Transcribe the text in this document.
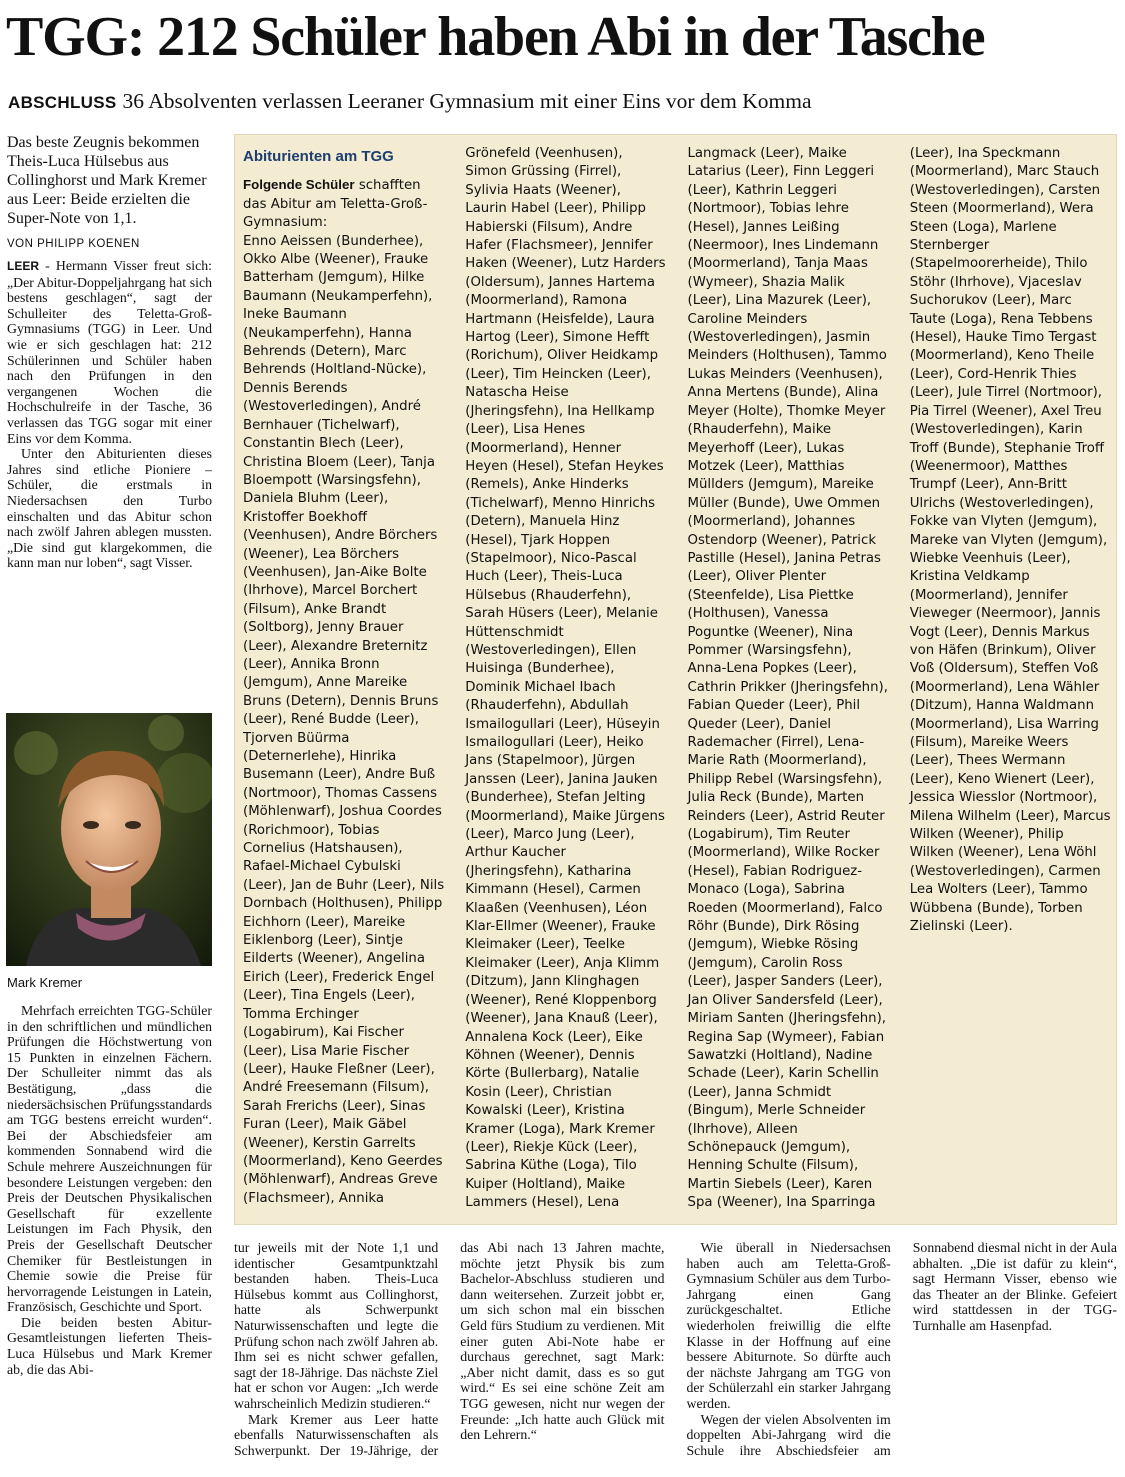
TGG: 212 Schüler haben Abi in der Tasche
ABSCHLUSS 36 Absolventen verlassen Leeraner Gymnasium mit einer Eins vor dem Komma

Das beste Zeugnis bekommen Theis-Luca Hülsebus aus Collinghorst und Mark Kremer aus Leer: Beide erzielten die Super-Note von 1,1.

VON PHILIPP KOENEN

LEER - Hermann Visser freut sich: „Der Abitur-Doppeljahrgang hat sich bestens geschlagen“, sagt der Schulleiter des Teletta-Groß-Gymnasiums (TGG) in Leer. Und wie er sich geschlagen hat: 212 Schülerinnen und Schüler haben nach den Prüfungen in den vergangenen Wochen die Hochschulreife in der Tasche, 36 verlassen das TGG sogar mit einer Eins vor dem Komma.

Unter den Abiturienten dieses Jahres sind etliche Pioniere – Schüler, die erstmals in Niedersachsen den Turbo einschalten und das Abitur schon nach zwölf Jahren ablegen mussten. „Die sind gut klargekommen, die kann man nur loben“, sagt Visser.

Mark Kremer

Mehrfach erreichten TGG-Schüler in den schriftlichen und mündlichen Prüfungen die Höchstwertung von 15 Punkten in einzelnen Fächern. Der Schulleiter nimmt das als Bestätigung, „dass die niedersächsischen Prüfungsstandards am TGG bestens erreicht wurden“. Bei der Abschiedsfeier am kommenden Sonnabend wird die Schule mehrere Auszeichnungen für besondere Leistungen vergeben: den Preis der Deutschen Physikalischen Gesellschaft für exzellente Leistungen im Fach Physik, den Preis der Gesellschaft Deutscher Chemiker für Bestleistungen in Chemie sowie die Preise für hervorragende Leistungen in Latein, Französisch, Geschichte und Sport.

Die beiden besten Abitur-Gesamtleistungen lieferten Theis-Luca Hülsebus und Mark Kremer ab, die das Abi-

Abiturienten am TGG

Folgende Schüler schafften das Abitur am Teletta-Groß-Gymnasium:

Enno Aeissen (Bunderhee), Okko Albe (Weener), Frauke Batterham (Jemgum), Hilke Baumann (Neukamperfehn), Ineke Baumann (Neukamperfehn), Hanna Behrends (Detern), Marc Behrends (Holtland-Nücke), Dennis Berends (Westoverledingen), André Bernhauer (Tichelwarf), Constantin Blech (Leer), Christina Bloem (Leer), Tanja Bloempott (Warsingsfehn), Daniela Bluhm (Leer), Kristoffer Boekhoff (Veenhusen), Andre Börchers (Weener), Lea Börchers (Veenhusen), Jan-Aike Bolte (Ihrhove), Marcel Borchert (Filsum), Anke Brandt (Soltborg), Jenny Brauer (Leer), Alexandre Breternitz (Leer), Annika Bronn (Jemgum), Anne Mareike Bruns (Detern), Dennis Bruns (Leer), René Budde (Leer), Tjorven Büürma (Deternerlehe), Hinrika Busemann (Leer), Andre Buß (Nortmoor), Thomas Cassens (Möhlenwarf), Joshua Coordes (Rorichmoor), Tobias Cornelius (Hatshausen), Rafael-Michael Cybulski (Leer), Jan de Buhr (Leer), Nils Dornbach (Holthusen), Philipp Eichhorn (Leer), Mareike Eiklenborg (Leer), Sintje Eilderts (Weener), Angelina Eirich (Leer), Frederick Engel (Leer), Tina Engels (Leer), Tomma Erchinger (Logabirum), Kai Fischer (Leer), Lisa Marie Fischer (Leer), Hauke Fleßner (Leer), André Freesemann (Filsum), Sarah Frerichs (Leer), Sinas Furan (Leer), Maik Gäbel (Weener), Kerstin Garrelts (Moormerland), Keno Geerdes (Möhlenwarf), Andreas Greve (Flachsmeer), Annika Grönefeld (Veenhusen), Simon Grüssing (Firrel), Sylivia Haats (Weener), Laurin Habel (Leer), Philipp Habierski (Filsum), Andre Hafer (Flachsmeer), Jennifer Haken (Weener), Lutz Harders (Oldersum), Jannes Hartema (Moormerland), Ramona Hartmann (Heisfelde), Laura Hartog (Leer), Simone Hefft (Rorichum), Oliver Heidkamp (Leer), Tim Heincken (Leer), Natascha Heise (Jheringsfehn), Ina Hellkamp (Leer), Lisa Henes (Moormerland), Henner Heyen (Hesel), Stefan Heykes (Remels), Anke Hinderks (Tichelwarf), Menno Hinrichs (Detern), Manuela Hinz (Hesel), Tjark Hoppen (Stapelmoor), Nico-Pascal Huch (Leer), Theis-Luca Hülsebus (Rhauderfehn), Sarah Hüsers (Leer), Melanie Hüttenschmidt (Westoverledingen), Ellen Huisinga (Bunderhee), Dominik Michael Ibach (Rhauderfehn), Abdullah Ismailogullari (Leer), Hüseyin Ismailogullari (Leer), Heiko Jans (Stapelmoor), Jürgen Janssen (Leer), Janina Jauken (Bunderhee), Stefan Jelting (Moormerland), Maike Jürgens (Leer), Marco Jung (Leer), Arthur Kaucher (Jheringsfehn), Katharina Kimmann (Hesel), Carmen Klaaßen (Veenhusen), Léon Klar-Ellmer (Weener), Frauke Kleimaker (Leer), Teelke Kleimaker (Leer), Anja Klimm (Ditzum), Jann Klinghagen (Weener), René Kloppenborg (Weener), Jana Knauß (Leer), Annalena Kock (Leer), Eike Köhnen (Weener), Dennis Körte (Bullerbarg), Natalie Kosin (Leer), Christian Kowalski (Leer), Kristina Kramer (Loga), Mark Kremer (Leer), Riekje Kück (Leer), Sabrina Küthe (Loga), Tilo Kuiper (Holtland), Maike Lammers (Hesel), Lena Langmack (Leer), Maike Latarius (Leer), Finn Leggeri (Leer), Kathrin Leggeri (Nortmoor), Tobias lehre (Hesel), Jannes Leißing (Neermoor), Ines Lindemann (Moormerland), Tanja Maas (Wymeer), Shazia Malik (Leer), Lina Mazurek (Leer), Caroline Meinders (Westoverledingen), Jasmin Meinders (Holthusen), Tammo Lukas Meinders (Veenhusen), Anna Mertens (Bunde), Alina Meyer (Holte), Thomke Meyer (Rhauderfehn), Maike Meyerhoff (Leer), Lukas Motzek (Leer), Matthias Müllders (Jemgum), Mareike Müller (Bunde), Uwe Ommen (Moormerland), Johannes Ostendorp (Weener), Patrick Pastille (Hesel), Janina Petras (Leer), Oliver Plenter (Steenfelde), Lisa Piettke (Holthusen), Vanessa Poguntke (Weener), Nina Pommer (Warsingsfehn), Anna-Lena Popkes (Leer), Cathrin Prikker (Jheringsfehn), Fabian Queder (Leer), Phil Queder (Leer), Daniel Rademacher (Firrel), Lena-Marie Rath (Moormerland), Philipp Rebel (Warsingsfehn), Julia Reck (Bunde), Marten Reinders (Leer), Astrid Reuter (Logabirum), Tim Reuter (Moormerland), Wilke Rocker (Hesel), Fabian Rodriguez-Monaco (Loga), Sabrina Roeden (Moormerland), Falco Röhr (Bunde), Dirk Rösing (Jemgum), Wiebke Rösing (Jemgum), Carolin Ross (Leer), Jasper Sanders (Leer), Jan Oliver Sandersfeld (Leer), Miriam Santen (Jheringsfehn), Regina Sap (Wymeer), Fabian Sawatzki (Holtland), Nadine Schade (Leer), Karin Schellin (Leer), Janna Schmidt (Bingum), Merle Schneider (Ihrhove), Alleen Schönepauck (Jemgum), Henning Schulte (Filsum), Martin Siebels (Leer), Karen Spa (Weener), Ina Sparringa (Leer), Ina Speckmann (Moormerland), Marc Stauch (Westoverledingen), Carsten Steen (Moormerland), Wera Steen (Loga), Marlene Sternberger (Stapelmoorerheide), Thilo Stöhr (Ihrhove), Vjaceslav Suchorukov (Leer), Marc Taute (Loga), Rena Tebbens (Hesel), Hauke Timo Tergast (Moormerland), Keno Theile (Leer), Cord-Henrik Thies (Leer), Jule Tirrel (Nortmoor), Pia Tirrel (Weener), Axel Treu (Westoverledingen), Karin Troff (Bunde), Stephanie Troff (Weenermoor), Matthes Trumpf (Leer), Ann-Britt Ulrichs (Westoverledingen), Fokke van Vlyten (Jemgum), Mareke van Vlyten (Jemgum), Wiebke Veenhuis (Leer), Kristina Veldkamp (Moormerland), Jennifer Vieweger (Neermoor), Jannis Vogt (Leer), Dennis Markus von Häfen (Brinkum), Oliver Voß (Oldersum), Steffen Voß (Moormerland), Lena Wähler (Ditzum), Hanna Waldmann (Moormerland), Lisa Warring (Filsum), Mareike Weers (Leer), Thees Wermann (Leer), Keno Wienert (Leer), Jessica Wiesslor (Nortmoor), Milena Wilhelm (Leer), Marcus Wilken (Weener), Philip Wilken (Weener), Lena Wöhl (Westoverledingen), Carmen Lea Wolters (Leer), Tammo Wübbena (Bunde), Torben Zielinski (Leer).

tur jeweils mit der Note 1,1 und identischer Gesamtpunktzahl bestanden haben. Theis-Luca Hülsebus kommt aus Collinghorst, hatte als Schwerpunkt Naturwissenschaften und legte die Prüfung schon nach zwölf Jahren ab. Ihm sei es nicht schwer gefallen, sagt der 18-Jährige. Das nächste Ziel hat er schon vor Augen: „Ich werde wahrscheinlich Medizin studieren.“

Mark Kremer aus Leer hatte ebenfalls Naturwissenschaften als Schwerpunkt. Der 19-Jährige, der das Abi nach 13 Jahren machte, möchte jetzt Physik bis zum Bachelor-Abschluss studieren und dann weitersehen. Zurzeit jobbt er, um sich schon mal ein bisschen Geld fürs Studium zu verdienen. Mit einer guten Abi-Note habe er durchaus gerechnet, sagt Mark: „Aber nicht damit, dass es so gut wird.“ Es sei eine schöne Zeit am TGG gewesen, nicht nur wegen der Freunde: „Ich hatte auch Glück mit den Lehrern.“

Wie überall in Niedersachsen haben auch am Teletta-Groß-Gymnasium Schüler aus dem Turbo-Jahrgang einen Gang zurückgeschaltet. Etliche wiederholen freiwillig die elfte Klasse in der Hoffnung auf eine bessere Abiturnote. So dürfte auch der nächste Jahrgang am TGG von der Schülerzahl ein starker Jahrgang werden.

Wegen der vielen Absolventen im doppelten Abi-Jahrgang wird die Schule ihre Abschiedsfeier am Sonnabend diesmal nicht in der Aula abhalten. „Die ist dafür zu klein“, sagt Hermann Visser, ebenso wie das Theater an der Blinke. Gefeiert wird stattdessen in der TGG-Turnhalle am Hasenpfad.
